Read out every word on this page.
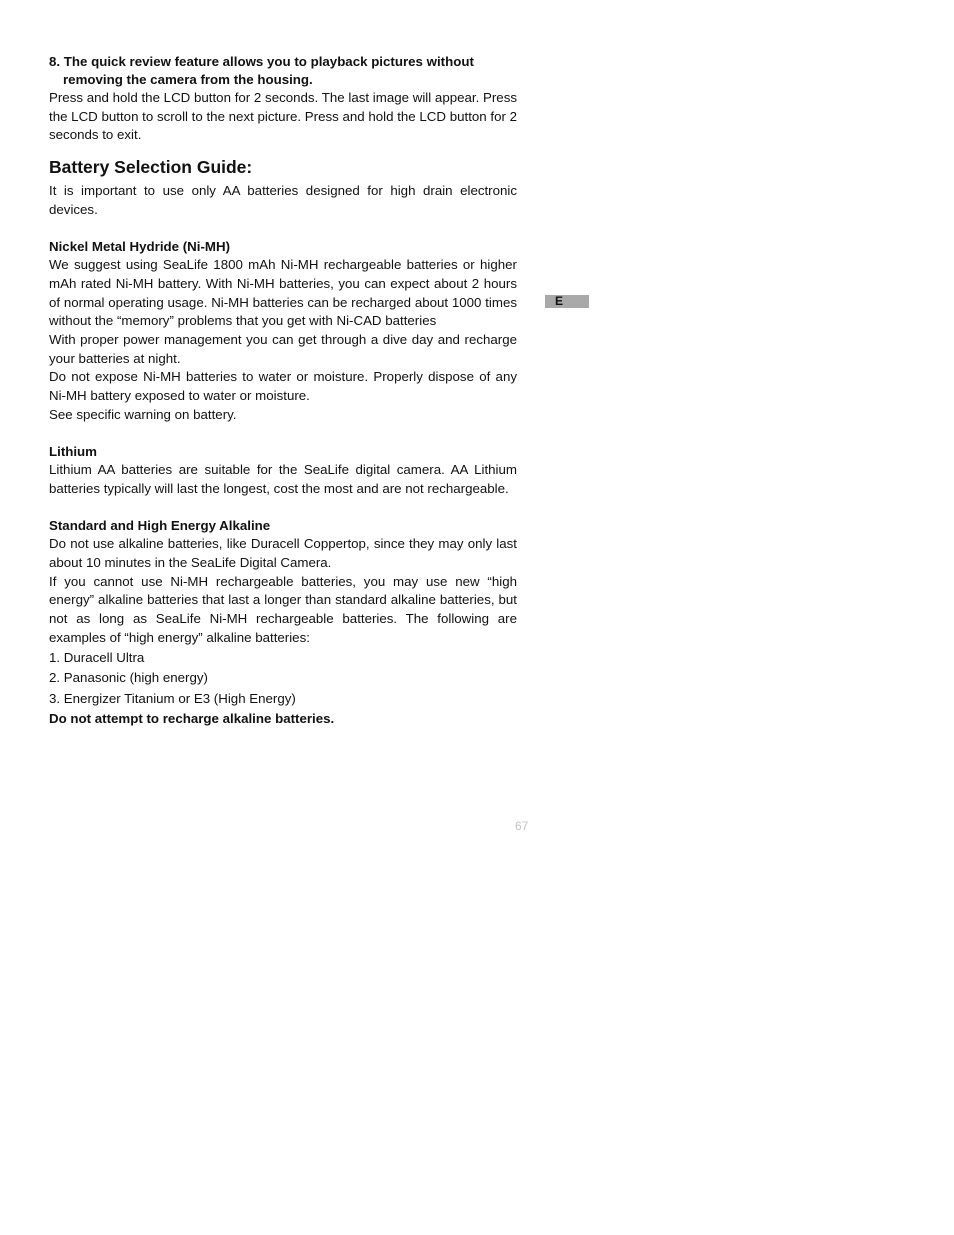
8. The quick review feature allows you to playback pictures without removing the camera from the housing.

Press and hold the LCD button for 2 seconds. The last image will appear. Press the LCD button to scroll to the next picture. Press and hold the LCD button for 2 seconds to exit.

Battery Selection Guide:

It is important to use only AA batteries designed for high drain electronic devices.

Nickel Metal Hydride (Ni-MH)

We suggest using SeaLife 1800 mAh Ni-MH rechargeable batteries or higher mAh rated Ni-MH battery. With Ni-MH batteries, you can expect about 2 hours of normal operating usage. Ni-MH batteries can be recharged about 1000 times without the “memory” problems that you get with Ni-CAD batteries

With proper power management you can get through a dive day and recharge your batteries at night.

Do not expose Ni-MH batteries to water or moisture. Properly dispose of any Ni-MH battery exposed to water or moisture.

See specific warning on battery.

Lithium

Lithium AA batteries are suitable for the SeaLife digital camera. AA Lithium batteries typically will last the longest, cost the most and are not rechargeable.

Standard and High Energy Alkaline

Do not use alkaline batteries, like Duracell Coppertop, since they may only last about 10 minutes in the SeaLife Digital Camera.

If you cannot use Ni-MH rechargeable batteries, you may use new “high energy” alkaline batteries that last a longer than standard alkaline batteries, but not as long as SeaLife Ni-MH rechargeable batteries. The following are examples of “high energy” alkaline batteries:

1. Duracell Ultra

2. Panasonic (high energy)

3. Energizer Titanium or E3 (High Energy)

Do not attempt to recharge alkaline batteries.

E
67
